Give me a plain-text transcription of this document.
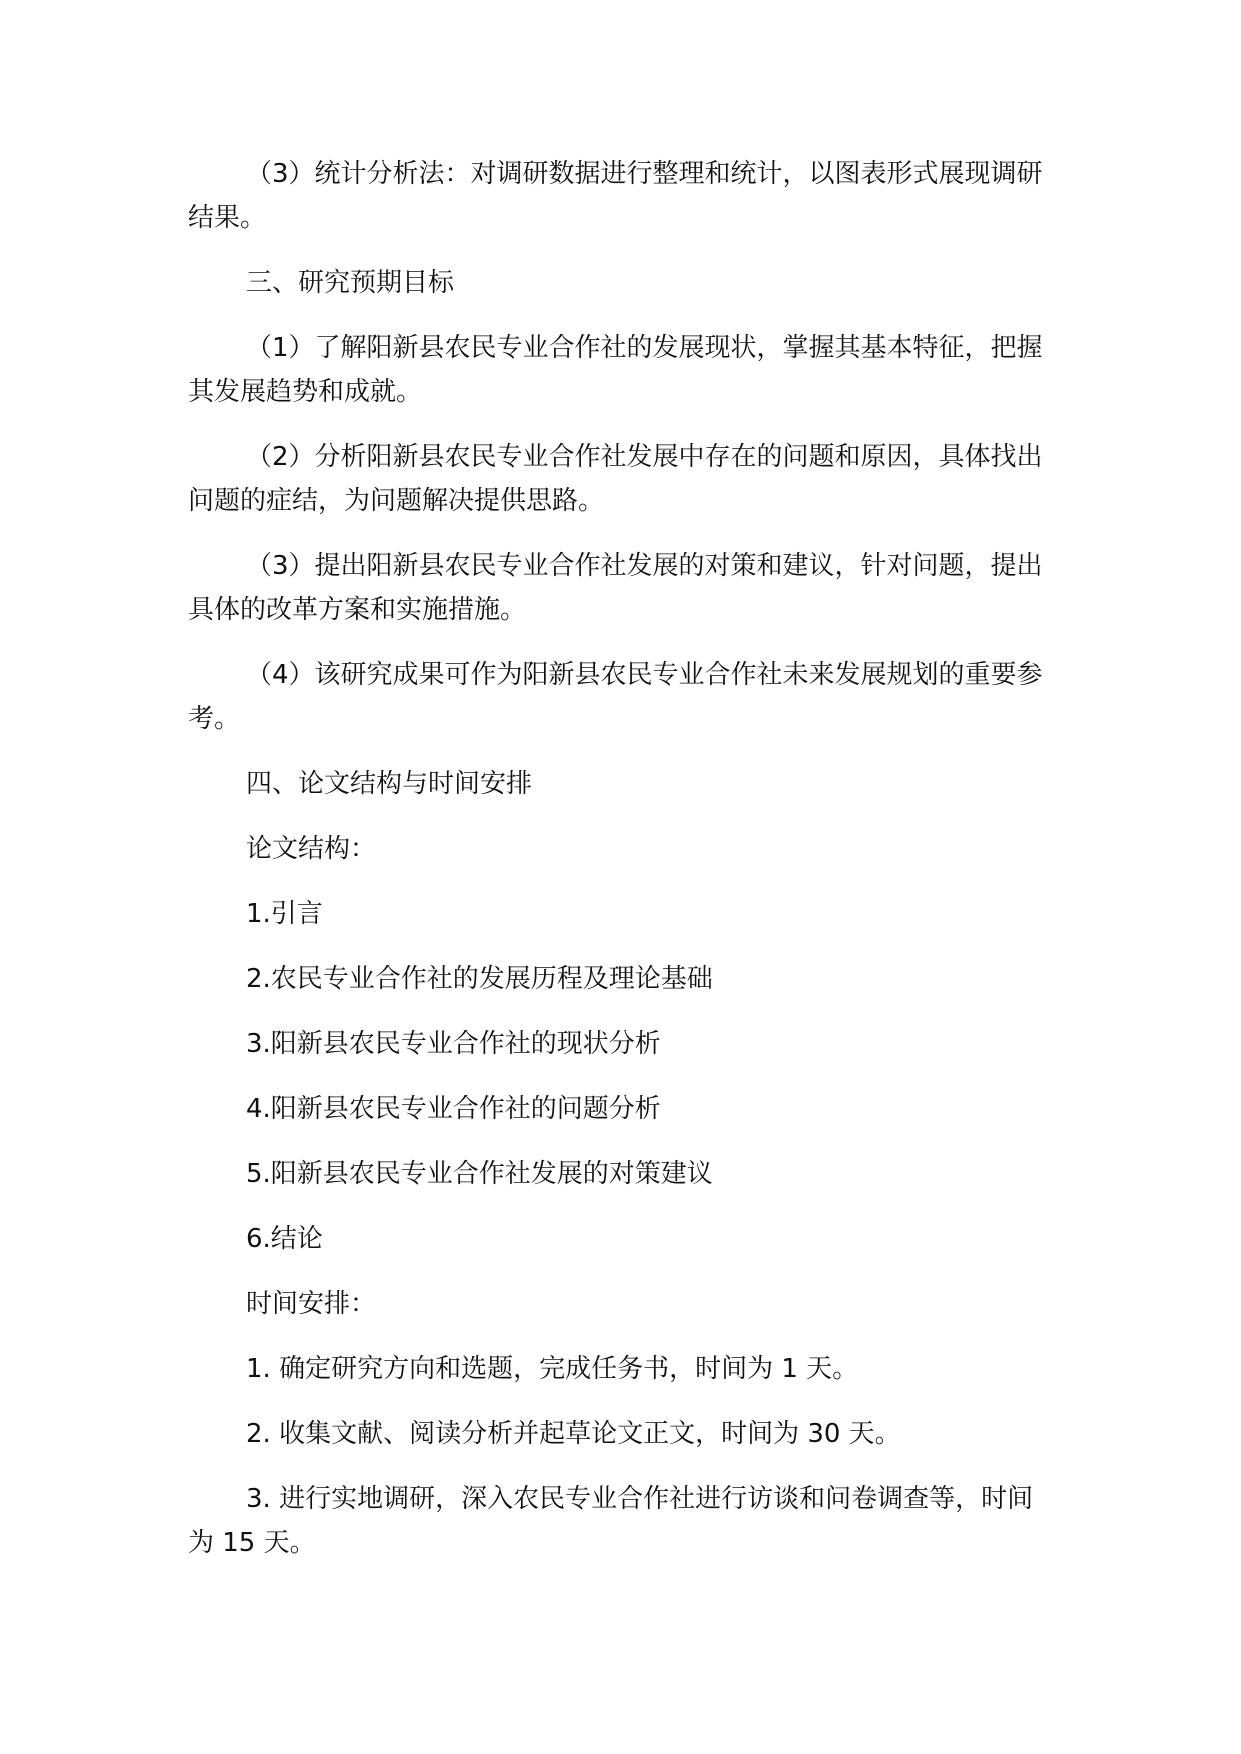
（3）统计分析法：对调研数据进行整理和统计，以图表形式展现调研结果。

三、研究预期目标

（1）了解阳新县农民专业合作社的发展现状，掌握其基本特征，把握其发展趋势和成就。

（2）分析阳新县农民专业合作社发展中存在的问题和原因，具体找出问题的症结，为问题解决提供思路。

（3）提出阳新县农民专业合作社发展的对策和建议，针对问题，提出具体的改革方案和实施措施。

（4）该研究成果可作为阳新县农民专业合作社未来发展规划的重要参考。

四、论文结构与时间安排

论文结构：

1.引言

2.农民专业合作社的发展历程及理论基础

3.阳新县农民专业合作社的现状分析

4.阳新县农民专业合作社的问题分析

5.阳新县农民专业合作社发展的对策建议

6.结论

时间安排：

1. 确定研究方向和选题，完成任务书，时间为 1 天。

2. 收集文献、阅读分析并起草论文正文，时间为 30 天。

3. 进行实地调研，深入农民专业合作社进行访谈和问卷调查等，时间为 15 天。
